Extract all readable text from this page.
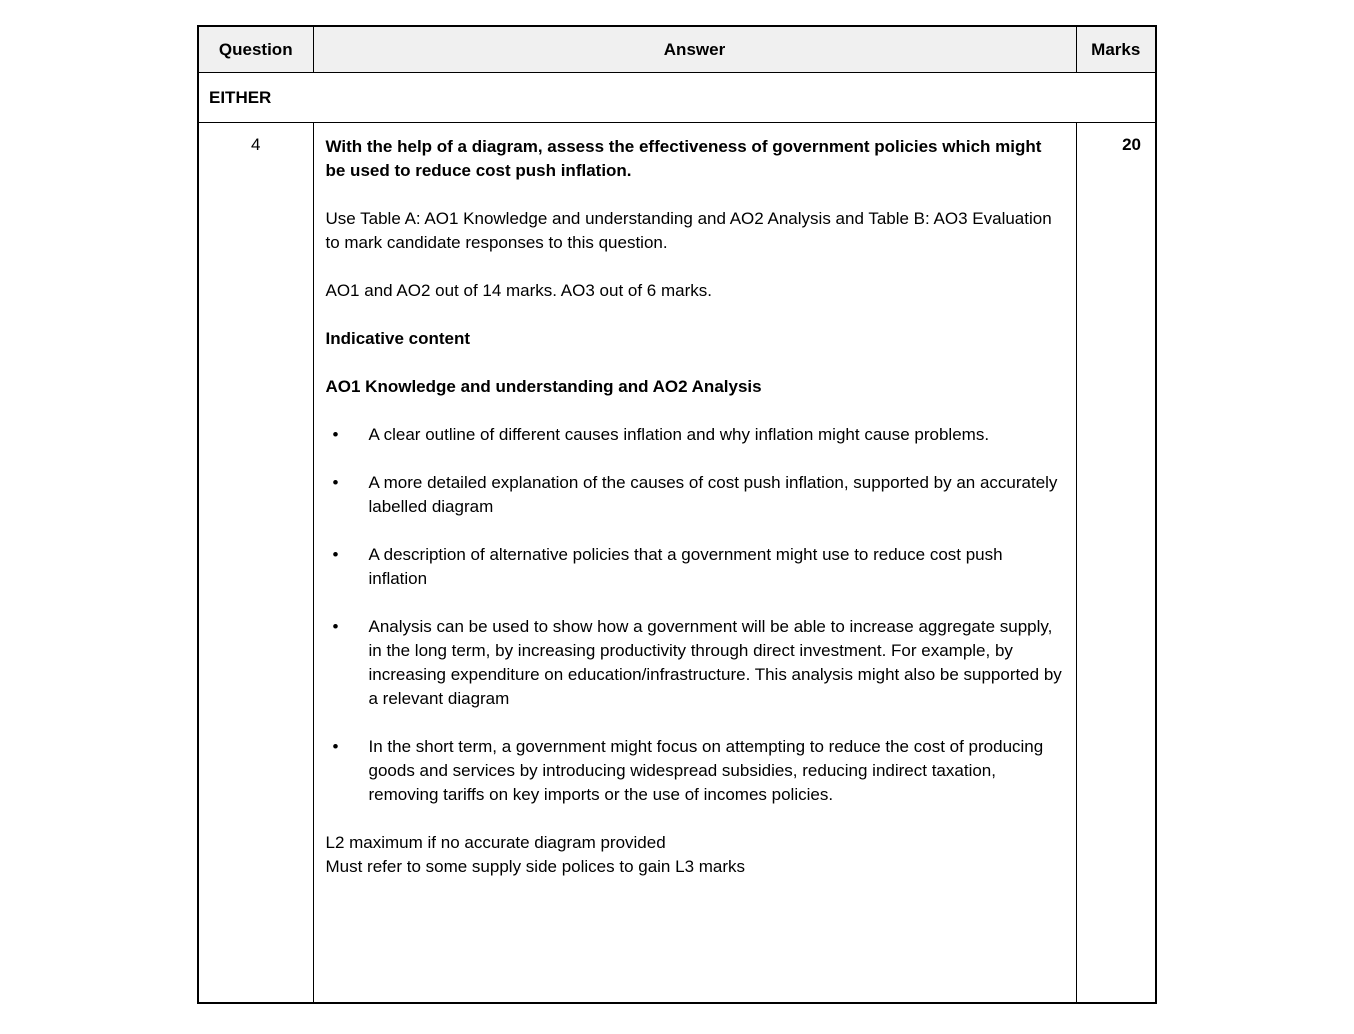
Question	Answer	Marks
EITHER		
4	With the help of a diagram, assess the effectiveness of government policies which might be used to reduce cost push inflation.

Use Table A: AO1 Knowledge and understanding and AO2 Analysis and Table B: AO3 Evaluation to mark candidate responses to this question.

AO1 and AO2 out of 14 marks. AO3 out of 6 marks.

Indicative content

AO1 Knowledge and understanding and AO2 Analysis

•	A clear outline of different causes inflation and why inflation might cause problems.
•	A more detailed explanation of the causes of cost push inflation, supported by an accurately labelled diagram
•	A description of alternative policies that a government might use to reduce cost push inflation
•	Analysis can be used to show how a government will be able to increase aggregate supply, in the long term, by increasing productivity through direct investment. For example, by increasing expenditure on education/infrastructure. This analysis might also be supported by a relevant diagram
•	In the short term, a government might focus on attempting to reduce the cost of producing goods and services by introducing widespread subsidies, reducing indirect taxation, removing tariffs on key imports or the use of incomes policies.

L2 maximum if no accurate diagram provided

Must refer to some supply side polices to gain L3 marks

	20
